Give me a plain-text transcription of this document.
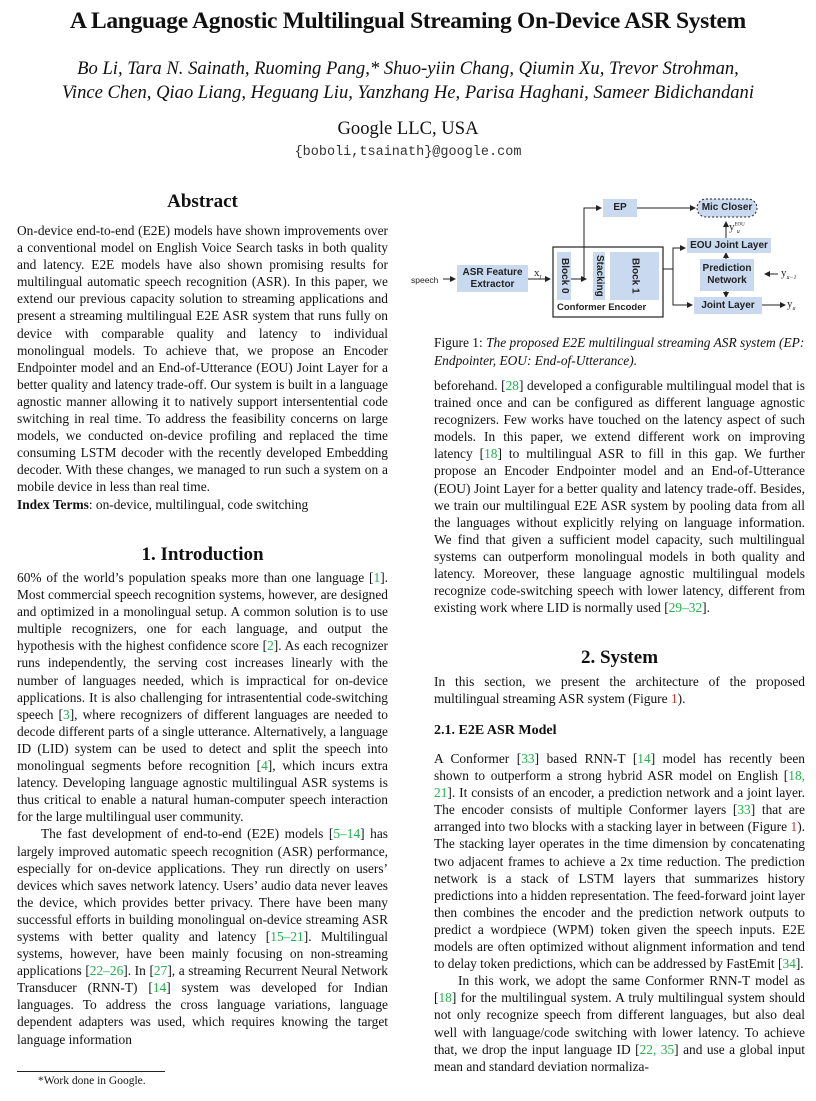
A Language Agnostic Multilingual Streaming On-Device ASR System
Bo Li, Tara N. Sainath, Ruoming Pang,* Shuo-yiin Chang, Qiumin Xu, Trevor Strohman,
Vince Chen, Qiao Liang, Heguang Liu, Yanzhang He, Parisa Haghani, Sameer Bidichandani
Google LLC, USA
{boboli,tsainath}@google.com
Abstract

On-device end-to-end (E2E) models have shown improvements over a conventional model on English Voice Search tasks in both quality and latency. E2E models have also shown promising results for multilingual automatic speech recognition (ASR). In this paper, we extend our previous capacity solution to streaming applications and present a streaming multilingual E2E ASR system that runs fully on device with comparable quality and latency to individual monolingual models. To achieve that, we propose an Encoder Endpointer model and an End-of-Utterance (EOU) Joint Layer for a better quality and latency trade-off. Our system is built in a language agnostic manner allowing it to natively support intersentential code switching in real time. To address the feasibility concerns on large models, we conducted on-device profiling and replaced the time consuming LSTM decoder with the recently developed Embedding decoder. With these changes, we managed to run such a system on a mobile device in less than real time.

Index Terms: on-device, multilingual, code switching

1. Introduction

60% of the world’s population speaks more than one language [1]. Most commercial speech recognition systems, however, are designed and optimized in a monolingual setup. A common solution is to use multiple recognizers, one for each language, and output the hypothesis with the highest confidence score [2]. As each recognizer runs independently, the serving cost increases linearly with the number of languages needed, which is impractical for on-device applications. It is also challenging for intrasentential code-switching speech [3], where recognizers of different languages are needed to decode different parts of a single utterance. Alternatively, a language ID (LID) system can be used to detect and split the speech into monolingual segments before recognition [4], which incurs extra latency. Developing language agnostic multilingual ASR systems is thus critical to enable a natural human-computer speech interaction for the large multilingual user community.

The fast development of end-to-end (E2E) models [5–14] has largely improved automatic speech recognition (ASR) performance, especially for on-device applications. They run directly on users’ devices which saves network latency. Users’ audio data never leaves the device, which provides better privacy. There have been many successful efforts in building monolingual on-device streaming ASR systems with better quality and latency [15–21]. Multilingual systems, however, have been mainly focusing on non-streaming applications [22–26]. In [27], a streaming Recurrent Neural Network Transducer (RNN-T) [14] system was developed for Indian languages. To address the cross language variations, language dependent adapters was used, which requires knowing the target language information

*Work done in Google.
speech
ASR Feature Extractor
$x_t$ Block 0 Stacking	Block 1
Conformer Encoder
EP	Mic Closer
$y^{EOU}_u$
EOU Joint Layer
Prediction Network
$y_{u-1}$
Joint Layer	$y_u$
Figure 1: The proposed E2E multilingual streaming ASR system (EP: Endpointer, EOU: End-of-Utterance).

beforehand. [28] developed a configurable multilingual model that is trained once and can be configured as different language agnostic recognizers. Few works have touched on the latency aspect of such models. In this paper, we extend different work on improving latency [18] to multilingual ASR to fill in this gap. We further propose an Encoder Endpointer model and an End-of-Utterance (EOU) Joint Layer for a better quality and latency trade-off. Besides, we train our multilingual E2E ASR system by pooling data from all the languages without explicitly relying on language information. We find that given a sufficient model capacity, such multilingual systems can outperform monolingual models in both quality and latency. Moreover, these language agnostic multilingual models recognize code-switching speech with lower latency, different from existing work where LID is normally used [29–32].

2. System

In this section, we present the architecture of the proposed multilingual streaming ASR system (Figure 1).

2.1. E2E ASR Model

A Conformer [33] based RNN-T [14] model has recently been shown to outperform a strong hybrid ASR model on English [18, 21]. It consists of an encoder, a prediction network and a joint layer. The encoder consists of multiple Conformer layers [33] that are arranged into two blocks with a stacking layer in between (Figure 1). The stacking layer operates in the time dimension by concatenating two adjacent frames to achieve a 2x time reduction. The prediction network is a stack of LSTM layers that summarizes history predictions into a hidden representation. The feed-forward joint layer then combines the encoder and the prediction network outputs to predict a wordpiece (WPM) token given the speech inputs. E2E models are often optimized without alignment information and tend to delay token predictions, which can be addressed by FastEmit [34].

In this work, we adopt the same Conformer RNN-T model as [18] for the multilingual system. A truly multilingual system should not only recognize speech from different languages, but also deal well with language/code switching with lower latency. To achieve that, we drop the input language ID [22, 35] and use a global input mean and standard deviation normaliza-
